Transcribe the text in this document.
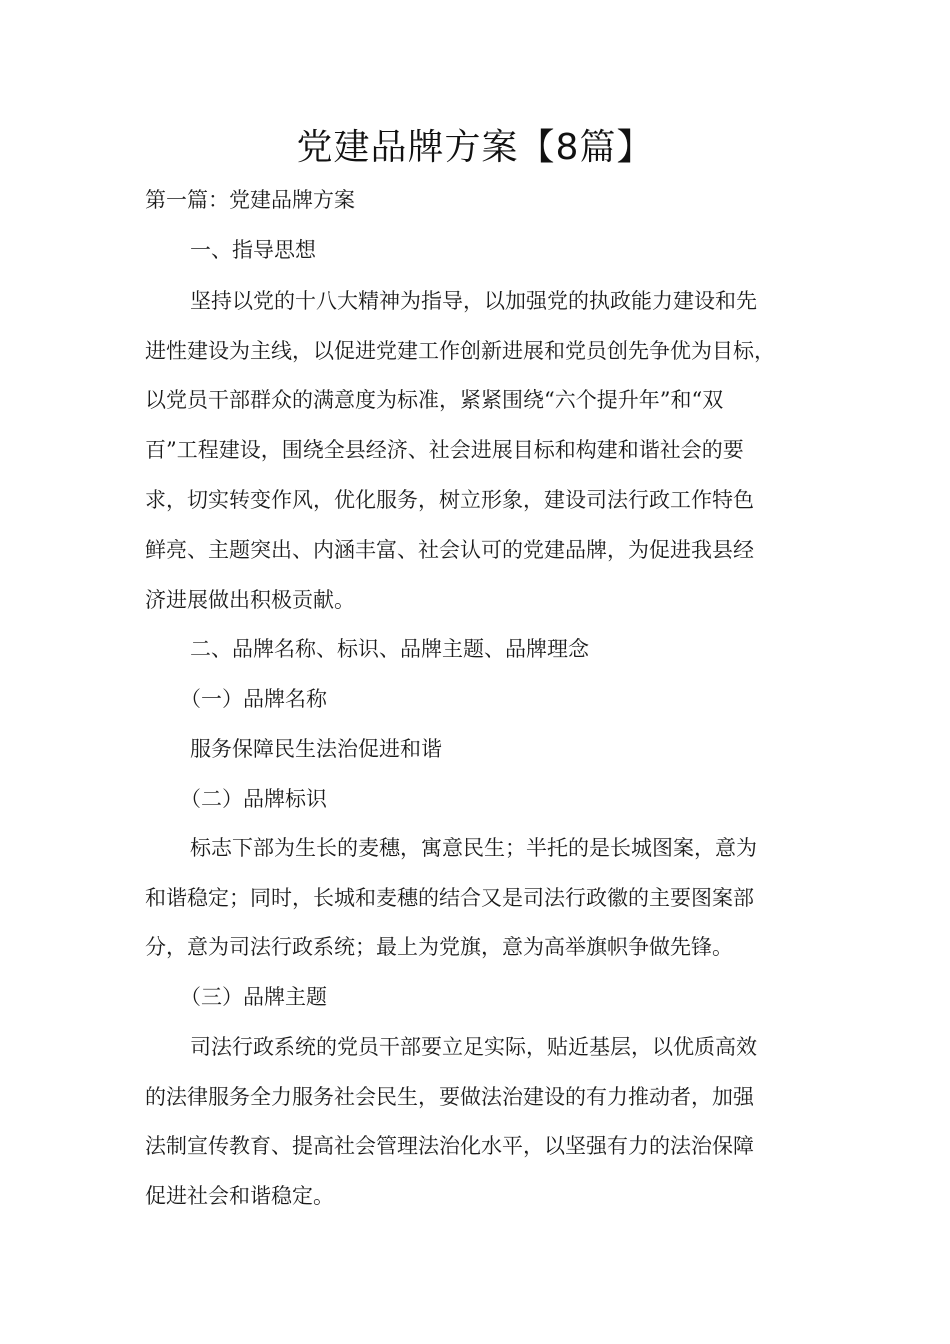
党建品牌方案【8篇】
第一篇：党建品牌方案
一、指导思想
坚持以党的十八大精神为指导，以加强党的执政能力建设和先
进性建设为主线，以促进党建工作创新进展和党员创先争优为目标，
以党员干部群众的满意度为标准，紧紧围绕“六个提升年”和“双
百”工程建设，围绕全县经济、社会进展目标和构建和谐社会的要
求，切实转变作风，优化服务，树立形象，建设司法行政工作特色
鲜亮、主题突出、内涵丰富、社会认可的党建品牌，为促进我县经
济进展做出积极贡献。
二、品牌名称、标识、品牌主题、品牌理念
（一）品牌名称
服务保障民生法治促进和谐
（二）品牌标识
标志下部为生长的麦穗，寓意民生；半托的是长城图案，意为
和谐稳定；同时，长城和麦穗的结合又是司法行政徽的主要图案部
分，意为司法行政系统；最上为党旗，意为高举旗帜争做先锋。
（三）品牌主题
司法行政系统的党员干部要立足实际，贴近基层，以优质高效
的法律服务全力服务社会民生，要做法治建设的有力推动者，加强
法制宣传教育、提高社会管理法治化水平，以坚强有力的法治保障
促进社会和谐稳定。
